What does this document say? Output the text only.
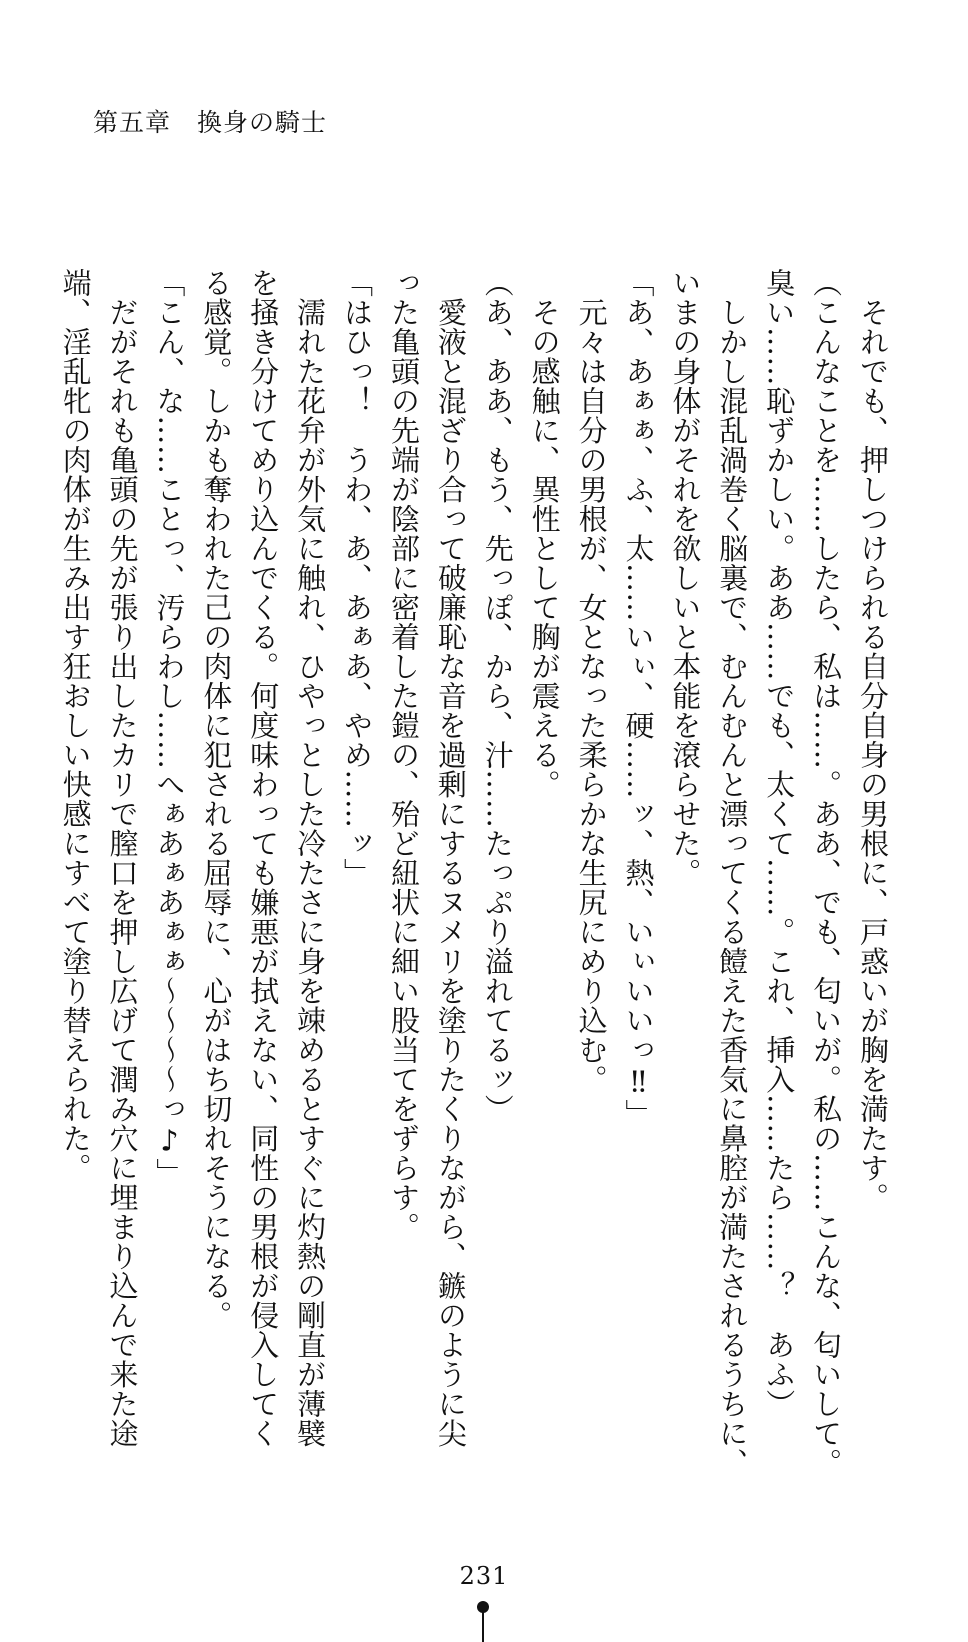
第五章　換身の騎士

　それでも、押しつけられる自分自身の男根に、戸惑いが胸を満たす。

（こんなことを……したら、私は……。ああ、でも、匂いが。私の……こんな、匂いして。

臭い……恥ずかしい。ああ……でも、太くて……。これ、挿入……たら……？　あふ）

　しかし混乱渦巻く脳裏で、むんむんと漂ってくる饐えた香気に鼻腔が満たされるうちに、

いまの身体がそれを欲しいと本能を滾らせた。

「あ、あぁぁ、ふ、太……いぃ、硬……ッ、熱、いぃいいっ‼」

　元々は自分の男根が、女となった柔らかな生尻にめり込む。

　その感触に、異性として胸が震える。

（あ、ああ、もう、先っぽ、から、汁……たっぷり溢れてるッ）

　愛液と混ざり合って破廉恥な音を過剰にするヌメリを塗りたくりながら、鏃のように尖

った亀頭の先端が陰部に密着した鎧の、殆ど紐状に細い股当てをずらす。

「はひっ！　うわ、あ、あぁあ、やめ……ッ」

　濡れた花弁が外気に触れ、ひやっとした冷たさに身を竦めるとすぐに灼熱の剛直が薄襞

を掻き分けてめり込んでくる。何度味わっても嫌悪が拭えない、同性の男根が侵入してく

る感覚。しかも奪われた己の肉体に犯される屈辱に、心がはち切れそうになる。

「こん、な……ことっ、汚らわし……へぁあぁあぁぁ～～～～っ♪」

　だがそれも亀頭の先が張り出したカリで膣口を押し広げて潤み穴に埋まり込んで来た途

端、淫乱牝の肉体が生み出す狂おしい快感にすべて塗り替えられた。

231
